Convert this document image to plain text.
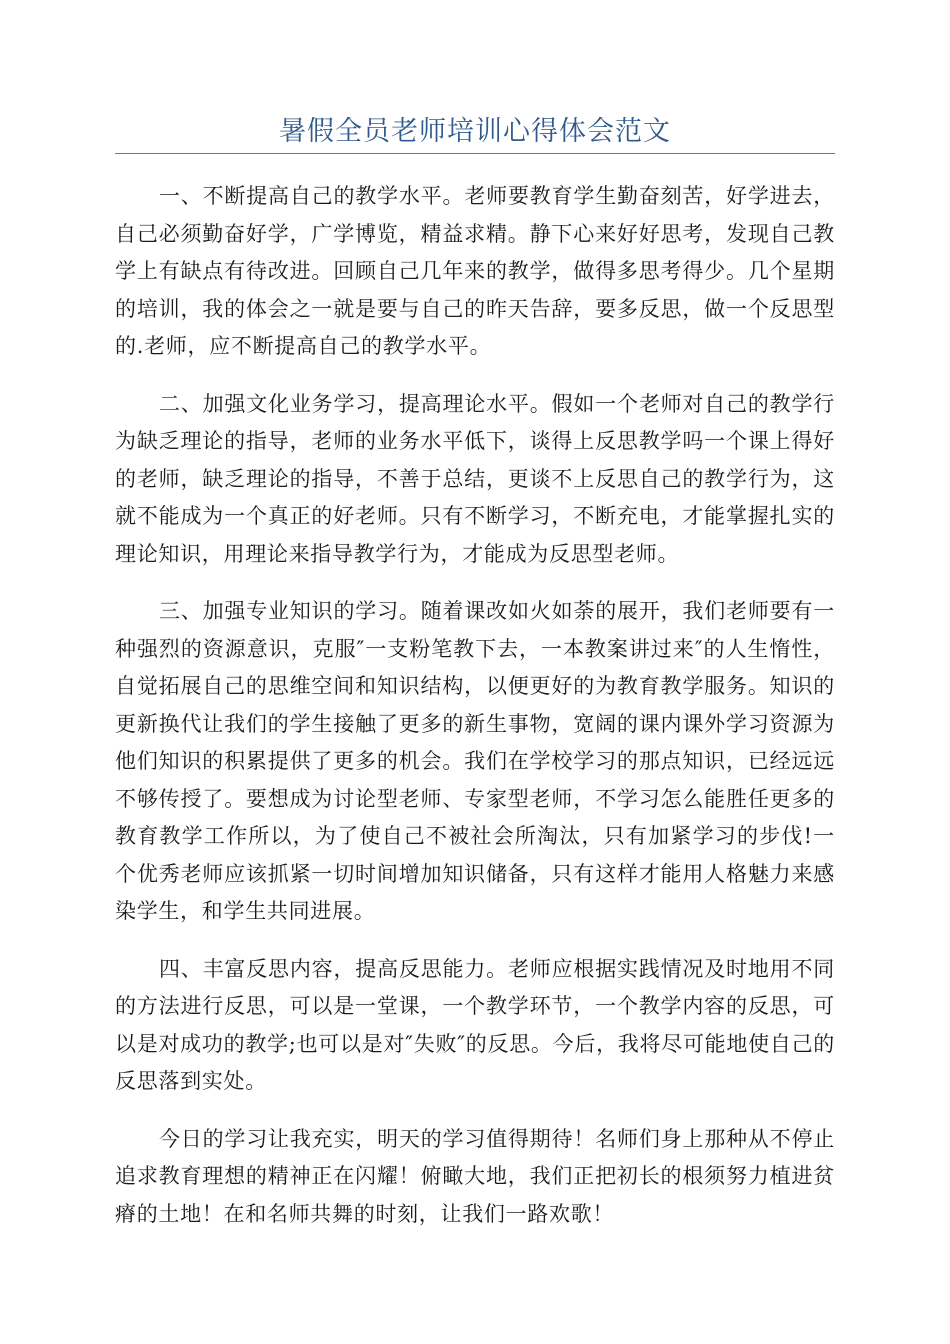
暑假全员老师培训心得体会范文

一、不断提高自己的教学水平。老师要教育学生勤奋刻苦，好学进去，自己必须勤奋好学，广学博览，精益求精。静下心来好好思考，发现自己教学上有缺点有待改进。回顾自己几年来的教学，做得多思考得少。几个星期的培训，我的体会之一就是要与自己的昨天告辞，要多反思，做一个反思型的.老师，应不断提高自己的教学水平。

二、加强文化业务学习，提高理论水平。假如一个老师对自己的教学行为缺乏理论的指导，老师的业务水平低下，谈得上反思教学吗一个课上得好的老师，缺乏理论的指导，不善于总结，更谈不上反思自己的教学行为，这就不能成为一个真正的好老师。只有不断学习，不断充电，才能掌握扎实的理论知识，用理论来指导教学行为，才能成为反思型老师。

三、加强专业知识的学习。随着课改如火如荼的展开，我们老师要有一种强烈的资源意识，克服″一支粉笔教下去，一本教案讲过来″的人生惰性，自觉拓展自己的思维空间和知识结构，以便更好的为教育教学服务。知识的更新换代让我们的学生接触了更多的新生事物，宽阔的课内课外学习资源为他们知识的积累提供了更多的机会。我们在学校学习的那点知识，已经远远不够传授了。要想成为讨论型老师、专家型老师，不学习怎么能胜任更多的教育教学工作所以，为了使自己不被社会所淘汰，只有加紧学习的步伐!一个优秀老师应该抓紧一切时间增加知识储备，只有这样才能用人格魅力来感染学生，和学生共同进展。

四、丰富反思内容，提高反思能力。老师应根据实践情况及时地用不同的方法进行反思，可以是一堂课，一个教学环节，一个教学内容的反思，可以是对成功的教学;也可以是对″失败″的反思。今后，我将尽可能地使自己的反思落到实处。

今日的学习让我充实，明天的学习值得期待！名师们身上那种从不停止追求教育理想的精神正在闪耀！俯瞰大地，我们正把初长的根须努力植进贫瘠的土地！在和名师共舞的时刻，让我们一路欢歌！
